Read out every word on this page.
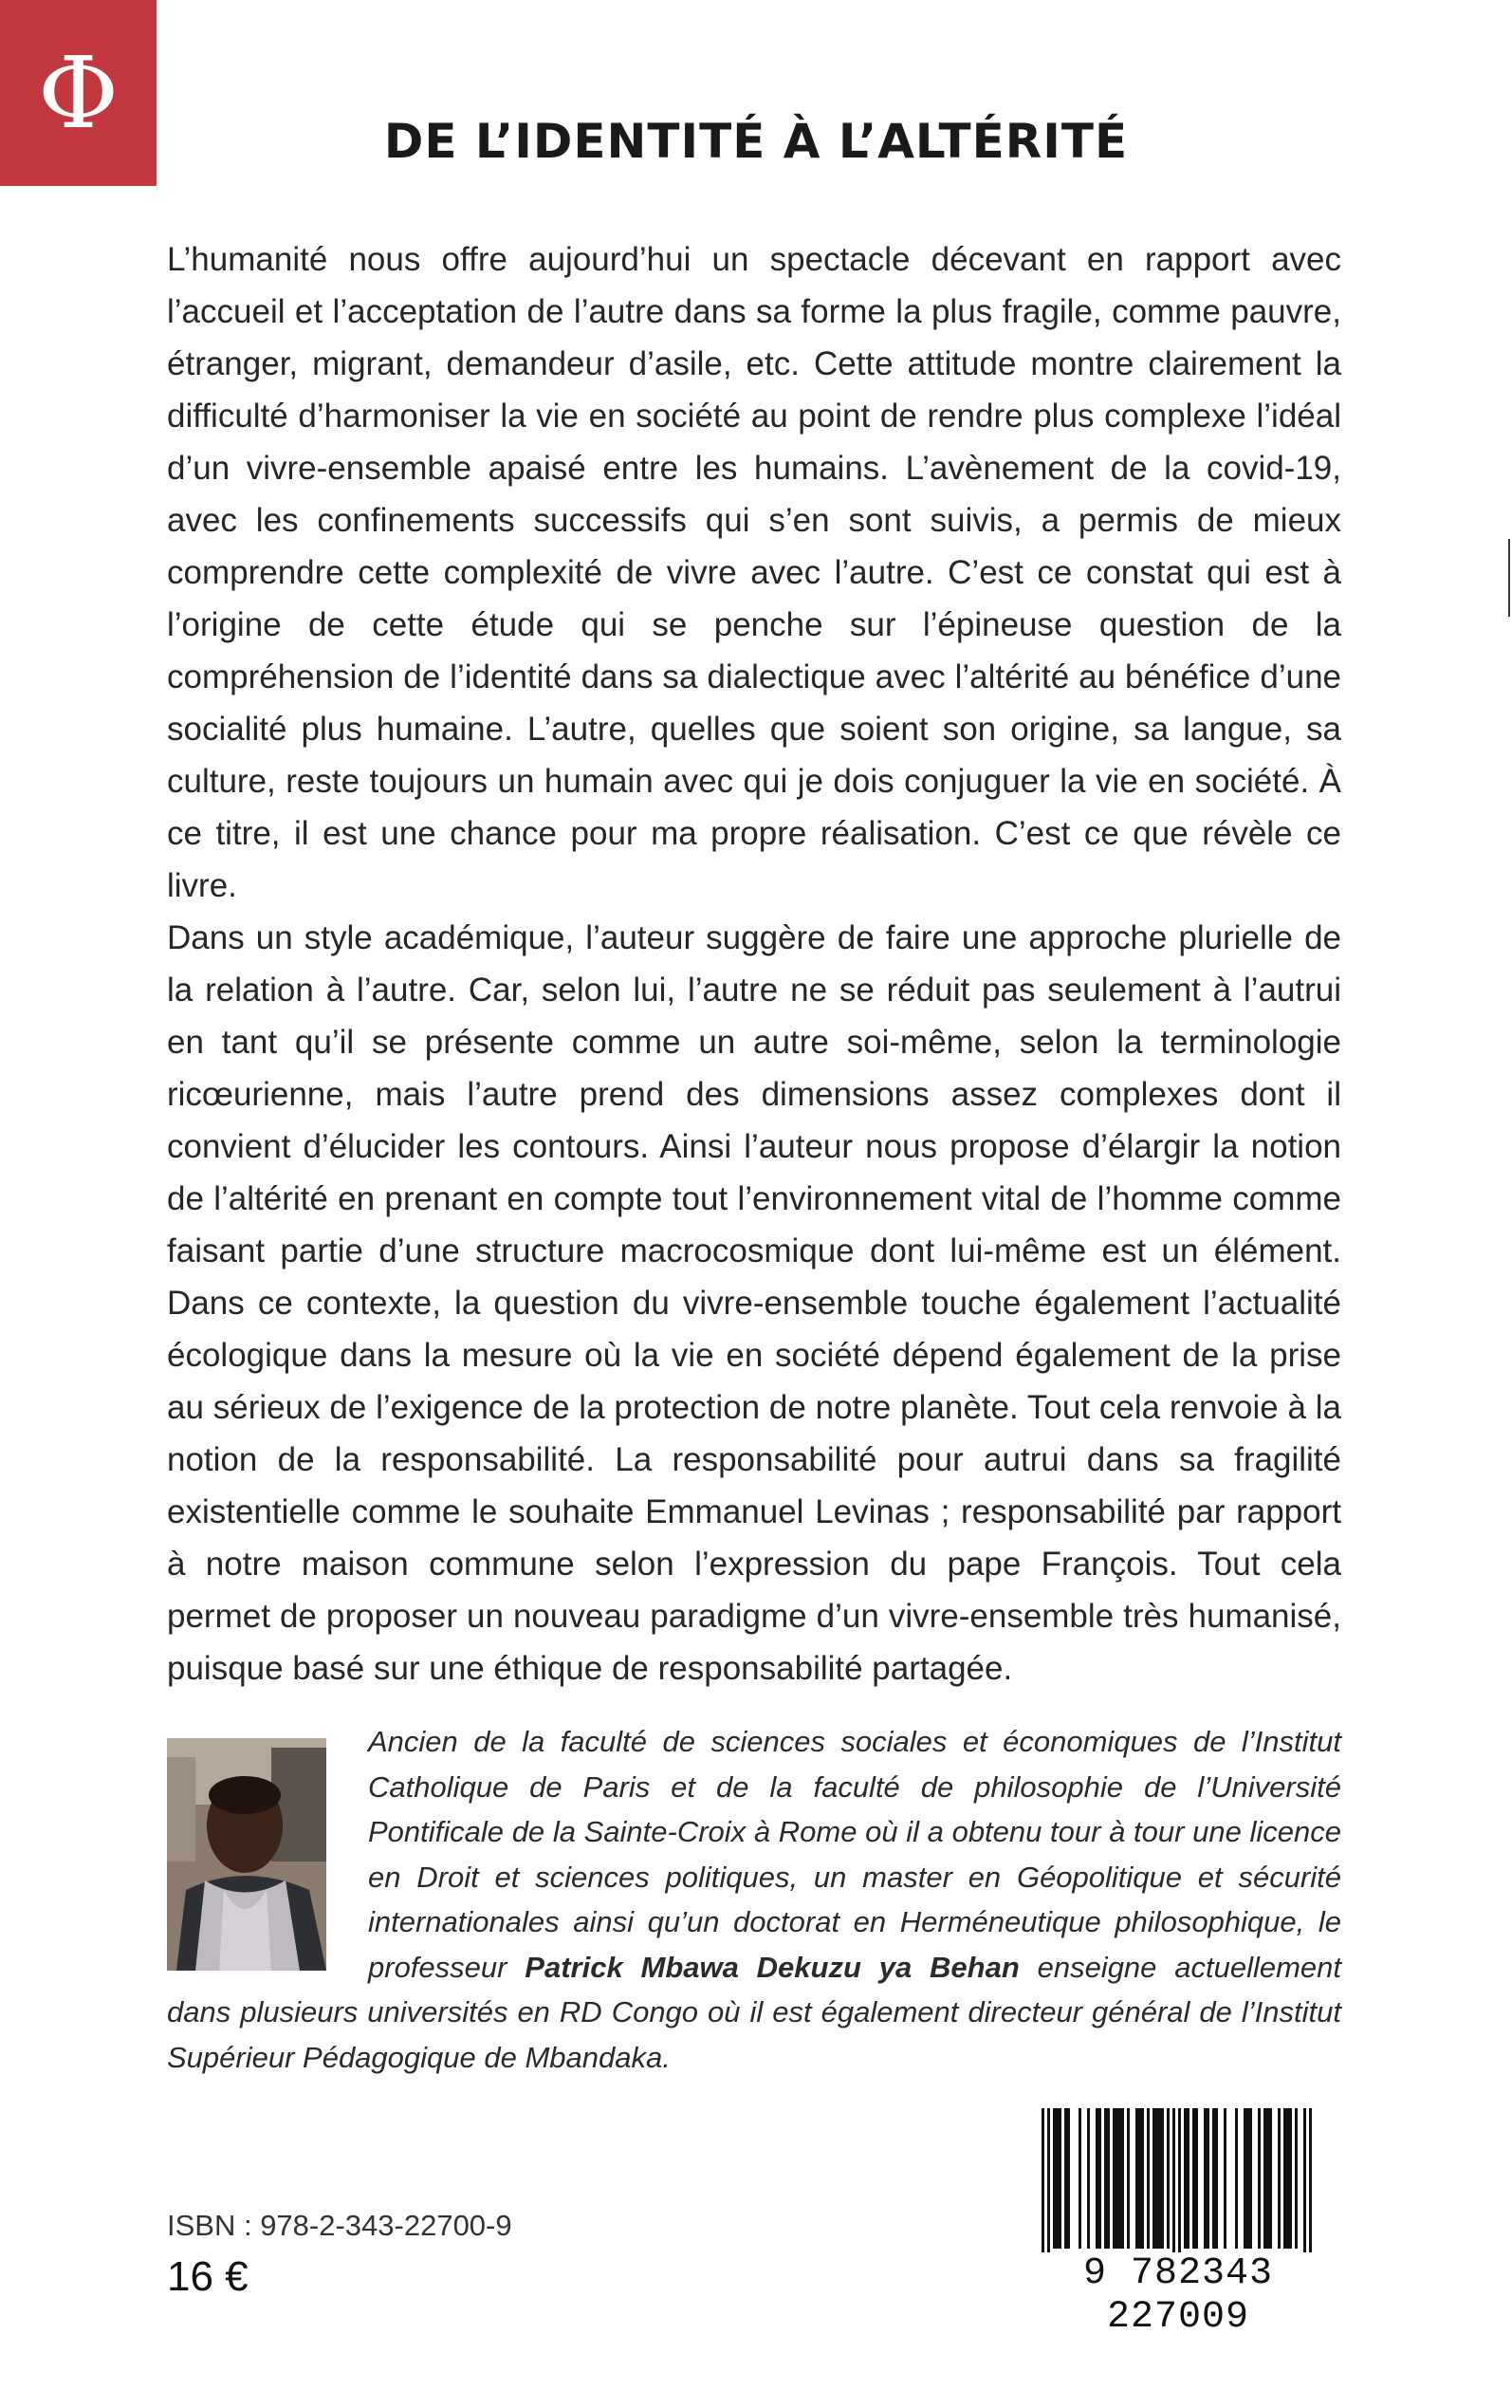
Φ	DE L’IDENTITÉ À L’ALTÉRITÉ

L’humanité nous offre aujourd’hui un spectacle décevant en rapport avec l’accueil et l’acceptation de l’autre dans sa forme la plus fragile, comme pauvre, étranger, migrant, demandeur d’asile, etc. Cette attitude montre clairement la difficulté d’harmoniser la vie en société au point de rendre plus complexe l’idéal d’un vivre-ensemble apaisé entre les humains. L’avènement de la covid-19, avec les confinements successifs qui s’en sont suivis, a permis de mieux comprendre cette complexité de vivre avec l’autre. C’est ce constat qui est à l’origine de cette étude qui se penche sur l’épineuse question de la compréhension de l’identité dans sa dialectique avec l’altérité au bénéfice d’une socialité plus humaine. L’autre, quelles que soient son origine, sa langue, sa culture, reste toujours un humain avec qui je dois conjuguer la vie en société. À ce titre, il est une chance pour ma propre réalisation. C’est ce que révèle ce livre.

Dans un style académique, l’auteur suggère de faire une approche plurielle de la relation à l’autre. Car, selon lui, l’autre ne se réduit pas seulement à l’autrui en tant qu’il se présente comme un autre soi-même, selon la terminologie ricœurienne, mais l’autre prend des dimensions assez complexes dont il convient d’élucider les contours. Ainsi l’auteur nous propose d’élargir la notion de l’altérité en prenant en compte tout l’environnement vital de l’homme comme faisant partie d’une structure macrocosmique dont lui-même est un élément. Dans ce contexte, la question du vivre-ensemble touche également l’actualité écologique dans la mesure où la vie en société dépend également de la prise au sérieux de l’exigence de la protection de notre planète. Tout cela renvoie à la notion de la responsabilité. La responsabilité pour autrui dans sa fragilité existentielle comme le souhaite Emmanuel Levinas ; responsabilité par rapport à notre maison commune selon l’expression du pape François. Tout cela permet de proposer un nouveau paradigme d’un vivre-ensemble très humanisé, puisque basé sur une éthique de responsabilité partagée.

Ancien de la faculté de sciences sociales et économiques de l’Institut Catholique de Paris et de la faculté de philosophie de l’Université Pontificale de la Sainte-Croix à Rome où il a obtenu tour à tour une licence en Droit et sciences politiques, un master en Géopolitique et sécurité internationales ainsi qu’un doctorat en Herméneutique philosophique, le professeur Patrick Mbawa Dekuzu ya Behan enseigne actuellement dans plusieurs universités en RD Congo où il est également directeur général de l’Institut Supérieur Pédagogique de Mbandaka.
ISBN : 978-2-343-22700-9
16 €	9 782343 227009
